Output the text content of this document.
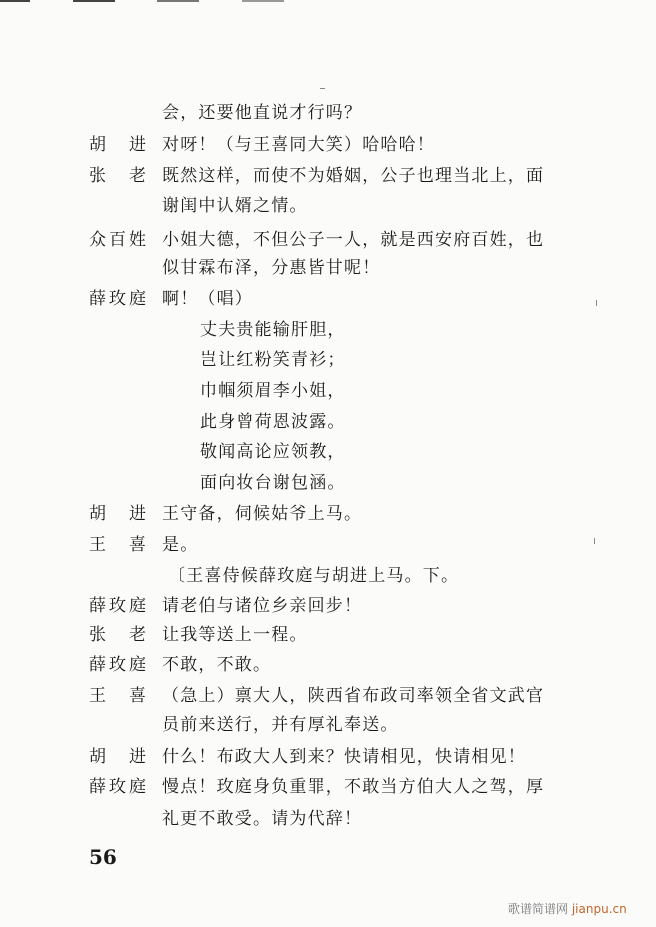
会，还要他直说才行吗？
胡进 对呀！（与王喜同大笑）哈哈哈！
张老 既然这样，而使不为婚姻，公子也理当北上，面
谢闺中认婿之情。
众百姓 小姐大德，不但公子一人，就是西安府百姓，也
似甘霖布泽，分惠皆甘呢！
薛玫庭 啊！（唱）
丈夫贵能输肝胆，
岂让红粉笑青衫；
巾帼须眉李小姐，
此身曾荷恩波露。
敬闻高论应领教，
面向妆台谢包涵。
胡进 王守备，伺候姑爷上马。
王喜 是。
〔王喜侍候薛玫庭与胡进上马。下。
薛玫庭 请老伯与诸位乡亲回步！
张老 让我等送上一程。
薛玫庭 不敢，不敢。
王喜 （急上）禀大人，陕西省布政司率领全省文武官
员前来送行，并有厚礼奉送。
胡进 什么！布政大人到来？快请相见，快请相见！
薛玫庭 慢点！玫庭身负重罪，不敢当方伯大人之驾，厚
礼更不敢受。请为代辞！
56
歌谱简谱网 jianpu.cn
